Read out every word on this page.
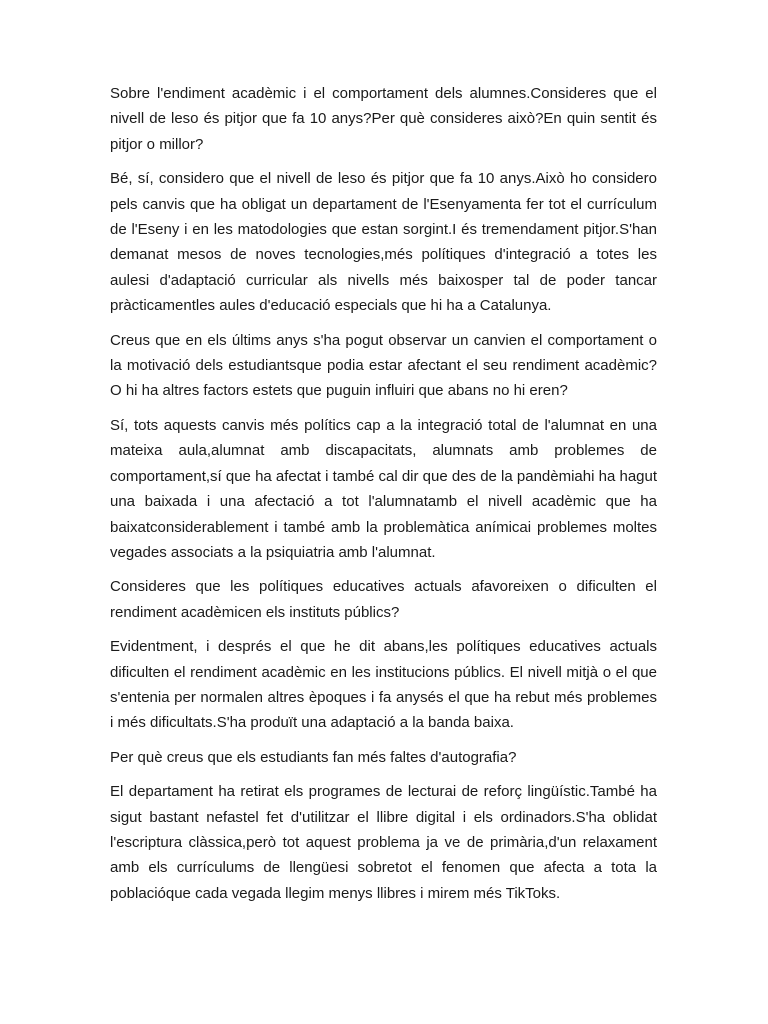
Sobre l'endiment acadèmic i el comportament dels alumnes.Consideres que el nivell de leso és pitjor que fa 10 anys?Per què consideres això?En quin sentit és pitjor o millor?

Bé, sí, considero que el nivell de leso és pitjor que fa 10 anys.Això ho considero pels canvis que ha obligat un departament de l'Esenyamenta fer tot el currículum de l'Eseny i en les matodologies que estan sorgint.I és tremendament pitjor.S'han demanat mesos de noves tecnologies,més polítiques d'integració a totes les aulesi d'adaptació curricular als nivells més baixosper tal de poder tancar pràcticamentles aules d'educació especials que hi ha a Catalunya.

Creus que en els últims anys s'ha pogut observar un canvien el comportament o la motivació dels estudiantsque podia estar afectant el seu rendiment acadèmic?O hi ha altres factors estets que puguin influiri que abans no hi eren?

Sí, tots aquests canvis més polítics cap a la integració total de l'alumnat en una mateixa aula,alumnat amb discapacitats, alumnats amb problemes de comportament,sí que ha afectat i també cal dir que des de la pandèmiahi ha hagut una baixada i una afectació a tot l'alumnatamb el nivell acadèmic que ha baixatconsiderablement i també amb la problemàtica anímicai problemes moltes vegades associats a la psiquiatria amb l'alumnat.

Consideres que les polítiques educatives actuals afavoreixen o dificulten el rendiment acadèmicen els instituts públics?

Evidentment, i després el que he dit abans,les polítiques educatives actuals dificulten el rendiment acadèmic en les institucions públics. El nivell mitjà o el que s'entenia per normalen altres èpoques i fa anysés el que ha rebut més problemes i més dificultats.S'ha produït una adaptació a la banda baixa.

Per què creus que els estudiants fan més faltes d'autografia?

El departament ha retirat els programes de lecturai de reforç lingüístic.També ha sigut bastant nefastel fet d'utilitzar el llibre digital i els ordinadors.S'ha oblidat l'escriptura clàssica,però tot aquest problema ja ve de primària,d'un relaxament amb els currículums de llengüesi sobretot el fenomen que afecta a tota la poblacióque cada vegada llegim menys llibres i mirem més TikToks.
